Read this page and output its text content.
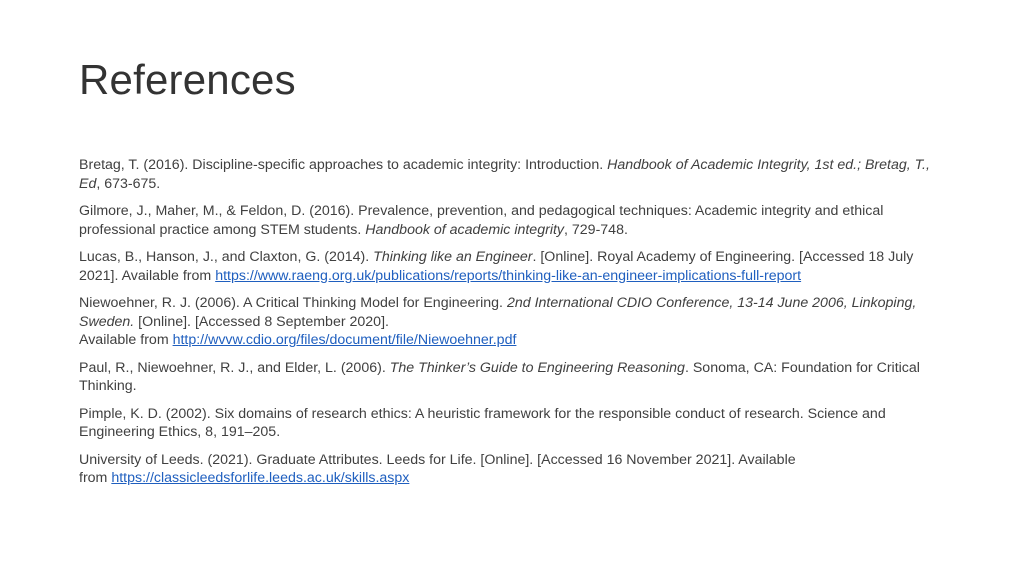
References

Bretag, T. (2016). Discipline-specific approaches to academic integrity: Introduction. Handbook of Academic Integrity, 1st ed.; Bretag, T., Ed, 673-675.

Gilmore, J., Maher, M., & Feldon, D. (2016). Prevalence, prevention, and pedagogical techniques: Academic integrity and ethical professional practice among STEM students. Handbook of academic integrity, 729-748.

Lucas, B., Hanson, J., and Claxton, G. (2014). Thinking like an Engineer. [Online]. Royal Academy of Engineering. [Accessed 18 July 2021]. Available from https://www.raeng.org.uk/publications/reports/thinking-like-an-engineer-implications-full-report

Niewoehner, R. J. (2006). A Critical Thinking Model for Engineering. 2nd International CDIO Conference, 13-14 June 2006, Linkoping, Sweden. [Online]. [Accessed 8 September 2020].
Available from http://wvvw.cdio.org/files/document/file/Niewoehner.pdf

Paul, R., Niewoehner, R. J., and Elder, L. (2006). The Thinker’s Guide to Engineering Reasoning. Sonoma, CA: Foundation for Critical Thinking.

Pimple, K. D. (2002). Six domains of research ethics: A heuristic framework for the responsible conduct of research. Science and Engineering Ethics, 8, 191–205.

University of Leeds. (2021). Graduate Attributes. Leeds for Life. [Online]. [Accessed 16 November 2021]. Available
from https://classicleedsforlife.leeds.ac.uk/skills.aspx
